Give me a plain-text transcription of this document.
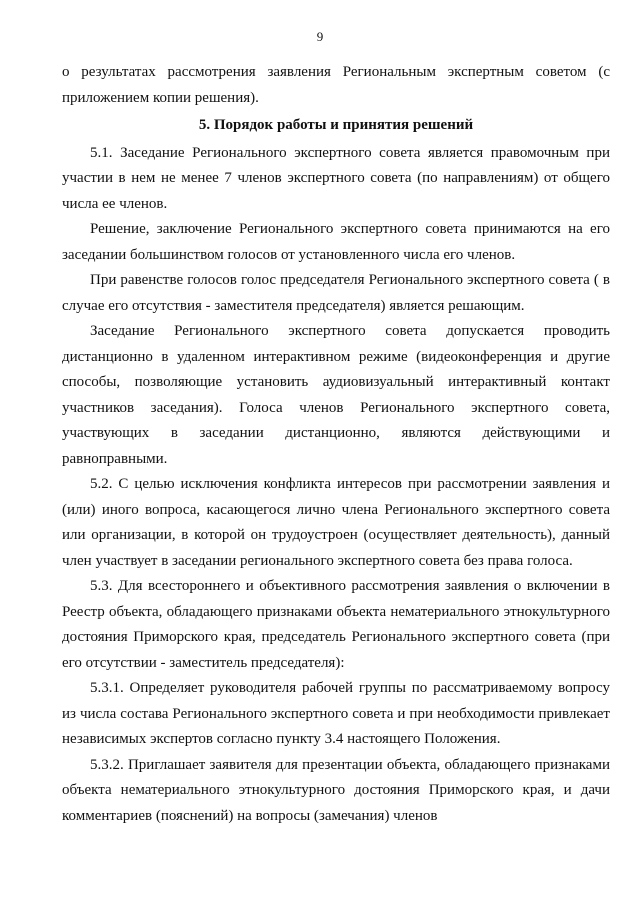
9

о результатах рассмотрения заявления Региональным экспертным советом (с приложением копии решения).

5. Порядок работы и принятия решений

5.1. Заседание Регионального экспертного совета является правомочным при участии в нем не менее 7 членов экспертного совета (по направлениям) от общего числа ее членов.

Решение, заключение Регионального экспертного совета принимаются на его заседании большинством голосов от установленного числа его членов.

При равенстве голосов голос председателя Регионального экспертного совета ( в случае его отсутствия - заместителя председателя) является решающим.

Заседание Регионального экспертного совета допускается проводить дистанционно в удаленном интерактивном режиме (видеоконференция и другие способы, позволяющие установить аудиовизуальный интерактивный контакт участников заседания). Голоса членов Регионального экспертного совета, участвующих в заседании дистанционно, являются действующими и равноправными.

5.2. С целью исключения конфликта интересов при рассмотрении заявления и (или) иного вопроса, касающегося лично члена Регионального экспертного совета или организации, в которой он трудоустроен (осуществляет деятельность), данный член участвует в заседании регионального экспертного совета без права голоса.

5.3. Для всестороннего и объективного рассмотрения заявления о включении в Реестр объекта, обладающего признаками объекта нематериального этнокультурного достояния Приморского края, председатель Регионального экспертного совета (при его отсутствии - заместитель председателя):

5.3.1. Определяет руководителя рабочей группы по рассматриваемому вопросу из числа состава Регионального экспертного совета и при необходимости привлекает независимых экспертов согласно пункту 3.4 настоящего Положения.

5.3.2. Приглашает заявителя для презентации объекта, обладающего признаками объекта нематериального этнокультурного достояния Приморского края, и дачи комментариев (пояснений) на вопросы (замечания) членов
